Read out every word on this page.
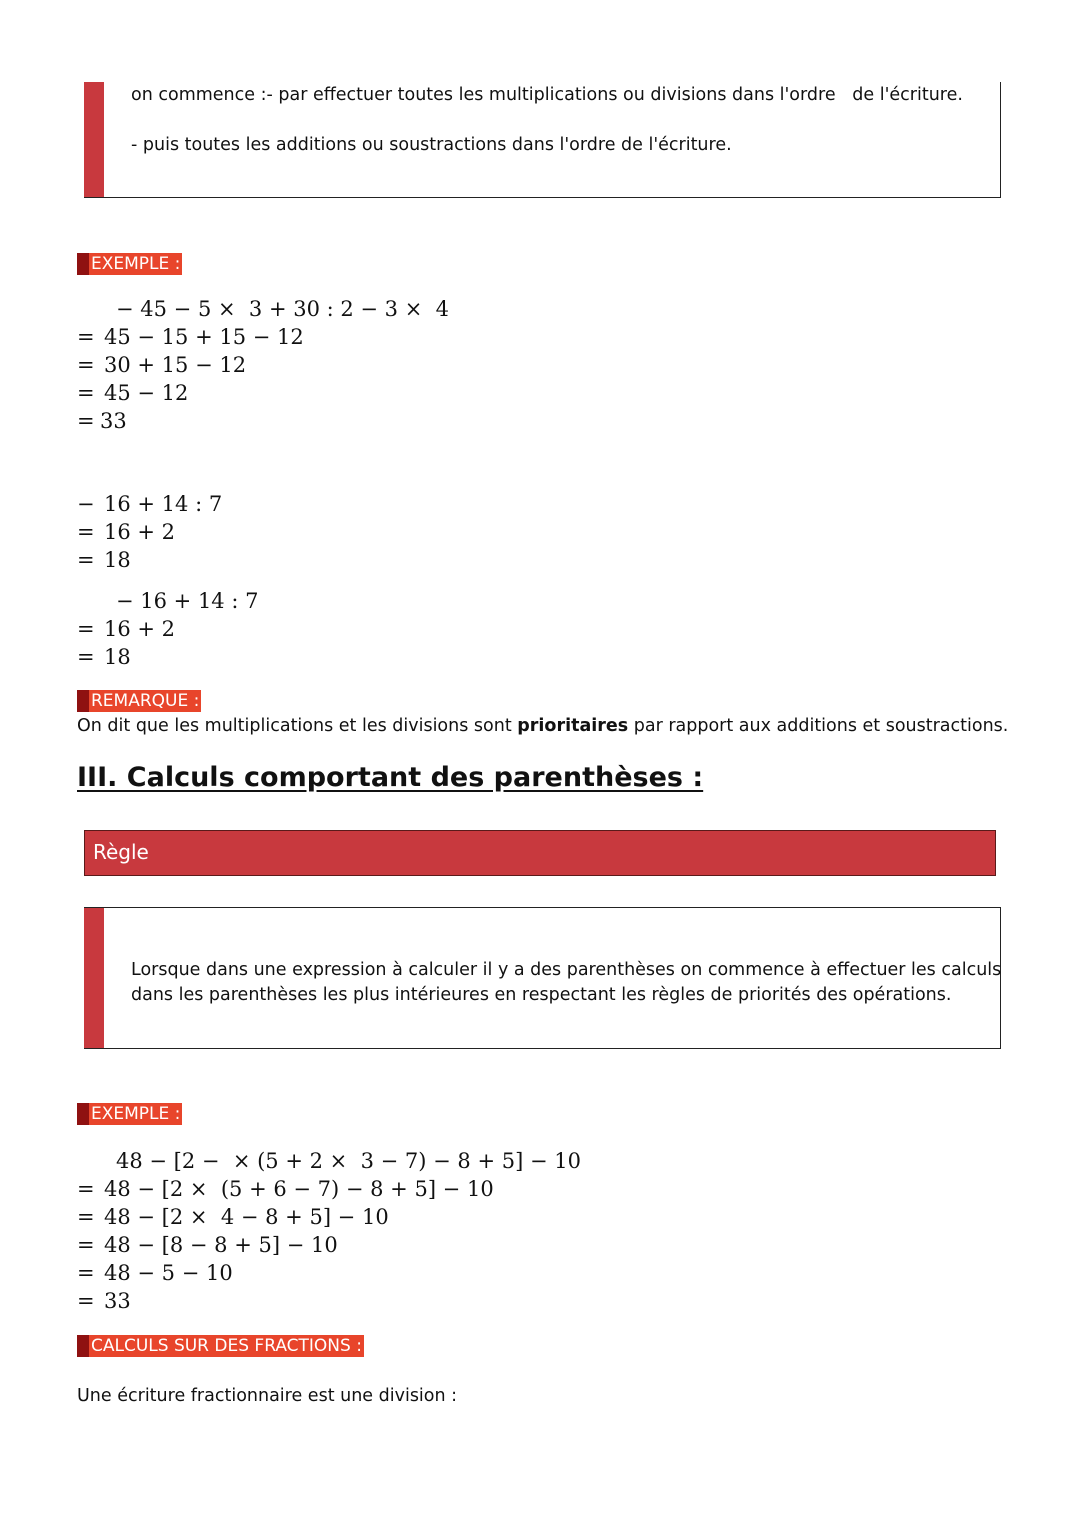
on commence :- par effectuer toutes les multiplications ou divisions dans l'ordre   de l'écriture.
- puis toutes les additions ou soustractions dans l'ordre de l'écriture.
EXEMPLE :
− 45 − 5 ×  3 + 30 : 2 − 3 ×  4
= 45 − 15 + 15 − 12
= 30 + 15 − 12
= 45 − 12
= 33
− 16 + 14 : 7
= 16 + 2
= 18
− 16 + 14 : 7
= 16 + 2
= 18
REMARQUE :
On dit que les multiplications et les divisions sont prioritaires par rapport aux additions et soustractions.
III. Calculs comportant des parenthèses :
Règle
Lorsque dans une expression à calculer il y a des parenthèses on commence à effectuer les calculs
dans les parenthèses les plus intérieures en respectant les règles de priorités des opérations.
EXEMPLE :
48 − [2 −  × (5 + 2 ×  3 − 7) − 8 + 5] − 10
= 48 − [2 ×  (5 + 6 − 7) − 8 + 5] − 10
= 48 − [2 ×  4 − 8 + 5] − 10
= 48 − [8 − 8 + 5] − 10
= 48 − 5 − 10
= 33
CALCULS SUR DES FRACTIONS :
Une écriture fractionnaire est une division :
